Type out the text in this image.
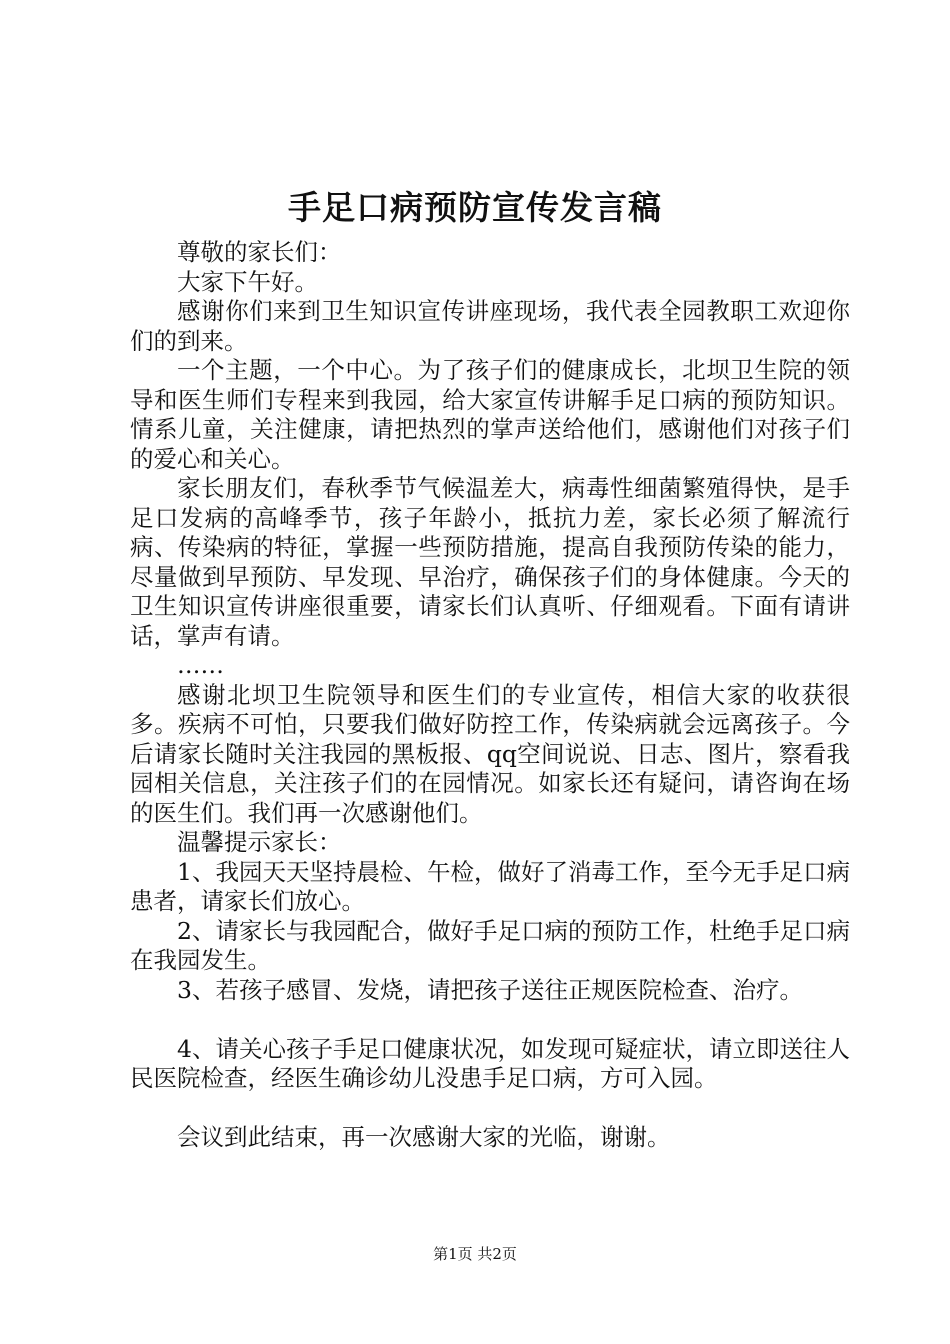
手足口病预防宣传发言稿

尊敬的家长们：

大家下午好。

感谢你们来到卫生知识宣传讲座现场，我代表全园教职工欢迎你们的到来。

一个主题，一个中心。为了孩子们的健康成长，北坝卫生院的领导和医生师们专程来到我园，给大家宣传讲解手足口病的预防知识。情系儿童，关注健康，请把热烈的掌声送给他们，感谢他们对孩子们的爱心和关心。

家长朋友们，春秋季节气候温差大，病毒性细菌繁殖得快，是手足口发病的高峰季节，孩子年龄小，抵抗力差，家长必须了解流行病、传染病的特征，掌握一些预防措施，提高自我预防传染的能力，尽量做到早预防、早发现、早治疗，确保孩子们的身体健康。今天的卫生知识宣传讲座很重要，请家长们认真听、仔细观看。下面有请讲话，掌声有请。

……

感谢北坝卫生院领导和医生们的专业宣传，相信大家的收获很多。疾病不可怕，只要我们做好防控工作，传染病就会远离孩子。今后请家长随时关注我园的黑板报、qq空间说说、日志、图片，察看我园相关信息，关注孩子们的在园情况。如家长还有疑问，请咨询在场的医生们。我们再一次感谢他们。

温馨提示家长：

1、我园天天坚持晨检、午检，做好了消毒工作，至今无手足口病患者，请家长们放心。

2、请家长与我园配合，做好手足口病的预防工作，杜绝手足口病在我园发生。

3、若孩子感冒、发烧，请把孩子送往正规医院检查、治疗。

4、请关心孩子手足口健康状况，如发现可疑症状，请立即送往人民医院检查，经医生确诊幼儿没患手足口病，方可入园。

会议到此结束，再一次感谢大家的光临，谢谢。

第1页 共2页
